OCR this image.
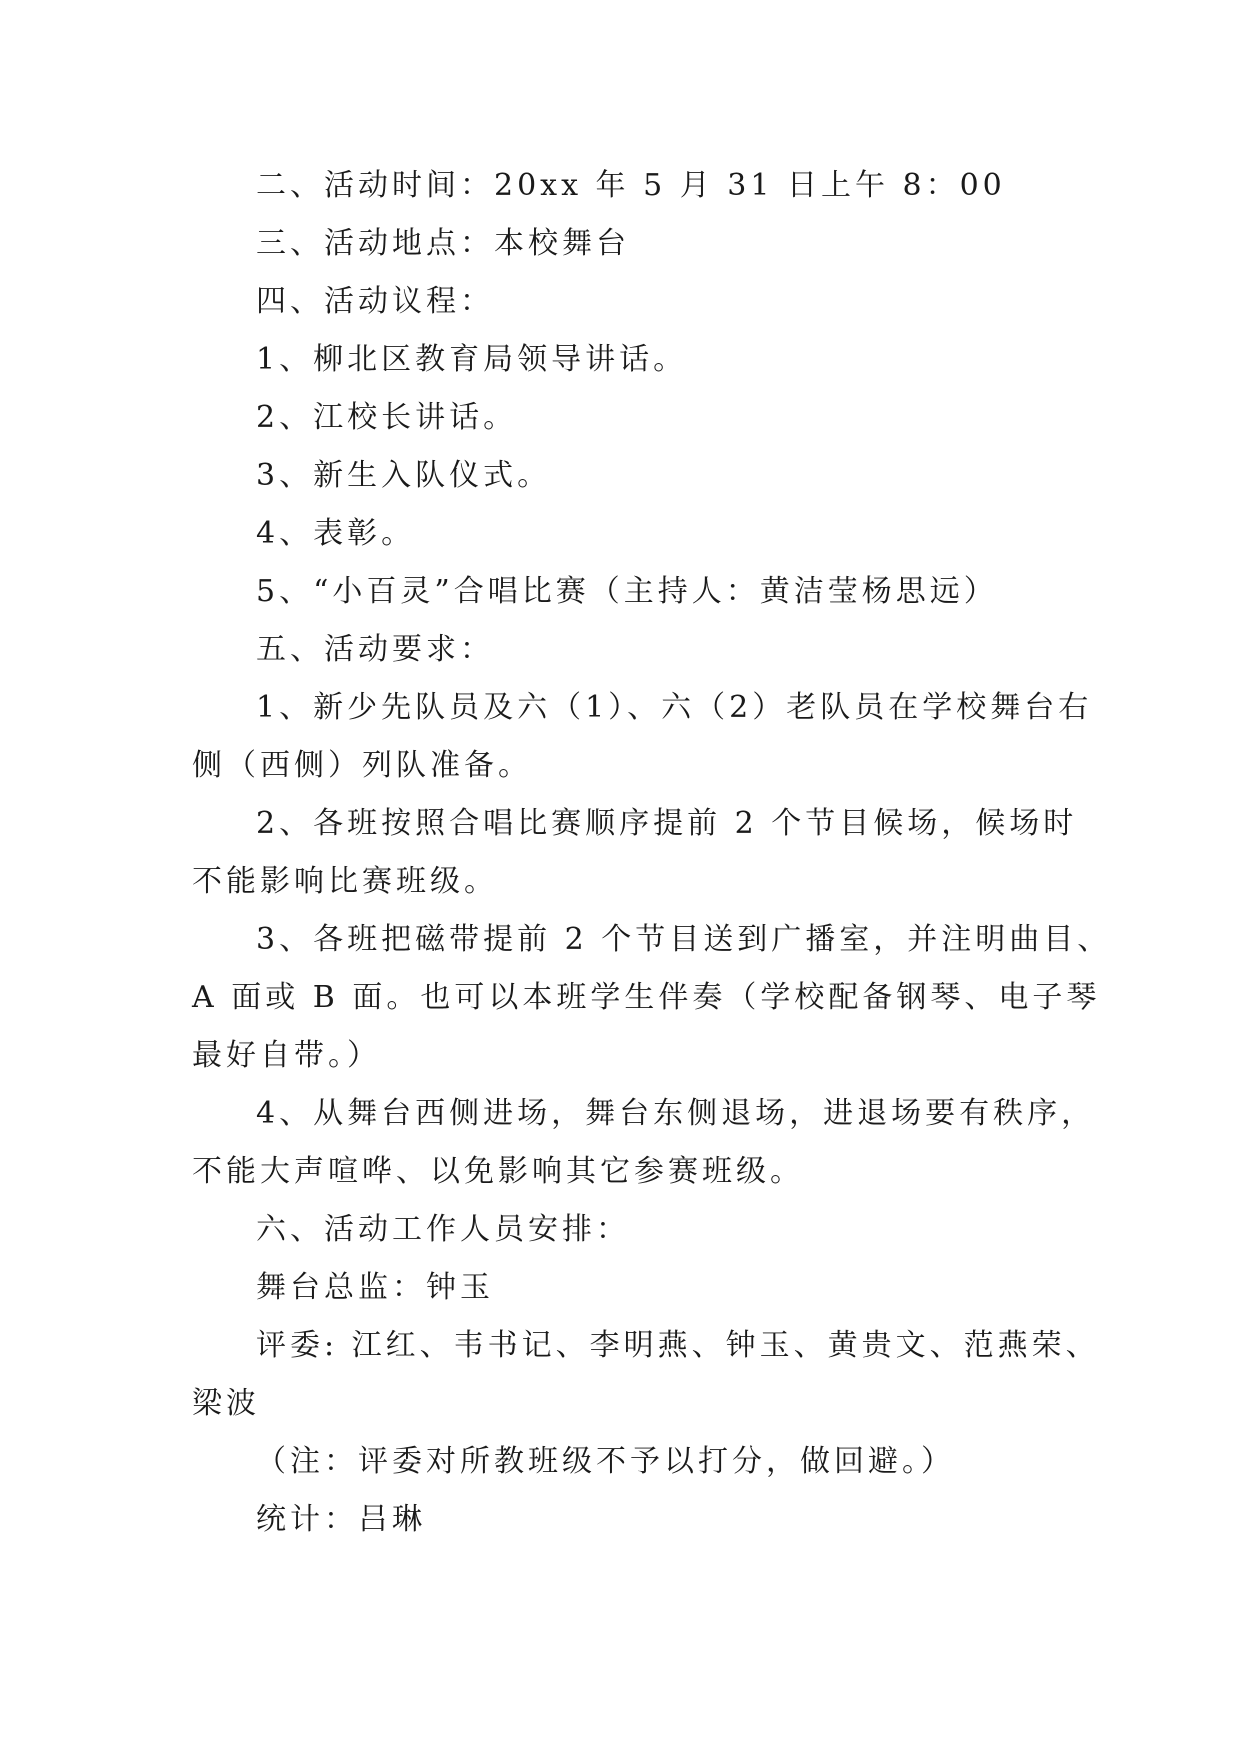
二、活动时间：20xx 年 5 月 31 日上午 8：00
三、活动地点：本校舞台
四、活动议程：
1、柳北区教育局领导讲话。
2、江校长讲话。
3、新生入队仪式。
4、表彰。
5、“小百灵”合唱比赛（主持人：黄洁莹杨思远）
五、活动要求：
1、新少先队员及六（1）、六（2）老队员在学校舞台右
侧（西侧）列队准备。
2、各班按照合唱比赛顺序提前 2 个节目候场，候场时
不能影响比赛班级。
3、各班把磁带提前 2 个节目送到广播室，并注明曲目、
A 面或 B 面。也可以本班学生伴奏（学校配备钢琴、电子琴
最好自带。）
4、从舞台西侧进场，舞台东侧退场，进退场要有秩序，
不能大声喧哗、以免影响其它参赛班级。
六、活动工作人员安排：
舞台总监：钟玉
评委: 江红、韦书记、李明燕、钟玉、黄贵文、范燕荣、
梁波
（注：评委对所教班级不予以打分，做回避。）
统计：吕琳
